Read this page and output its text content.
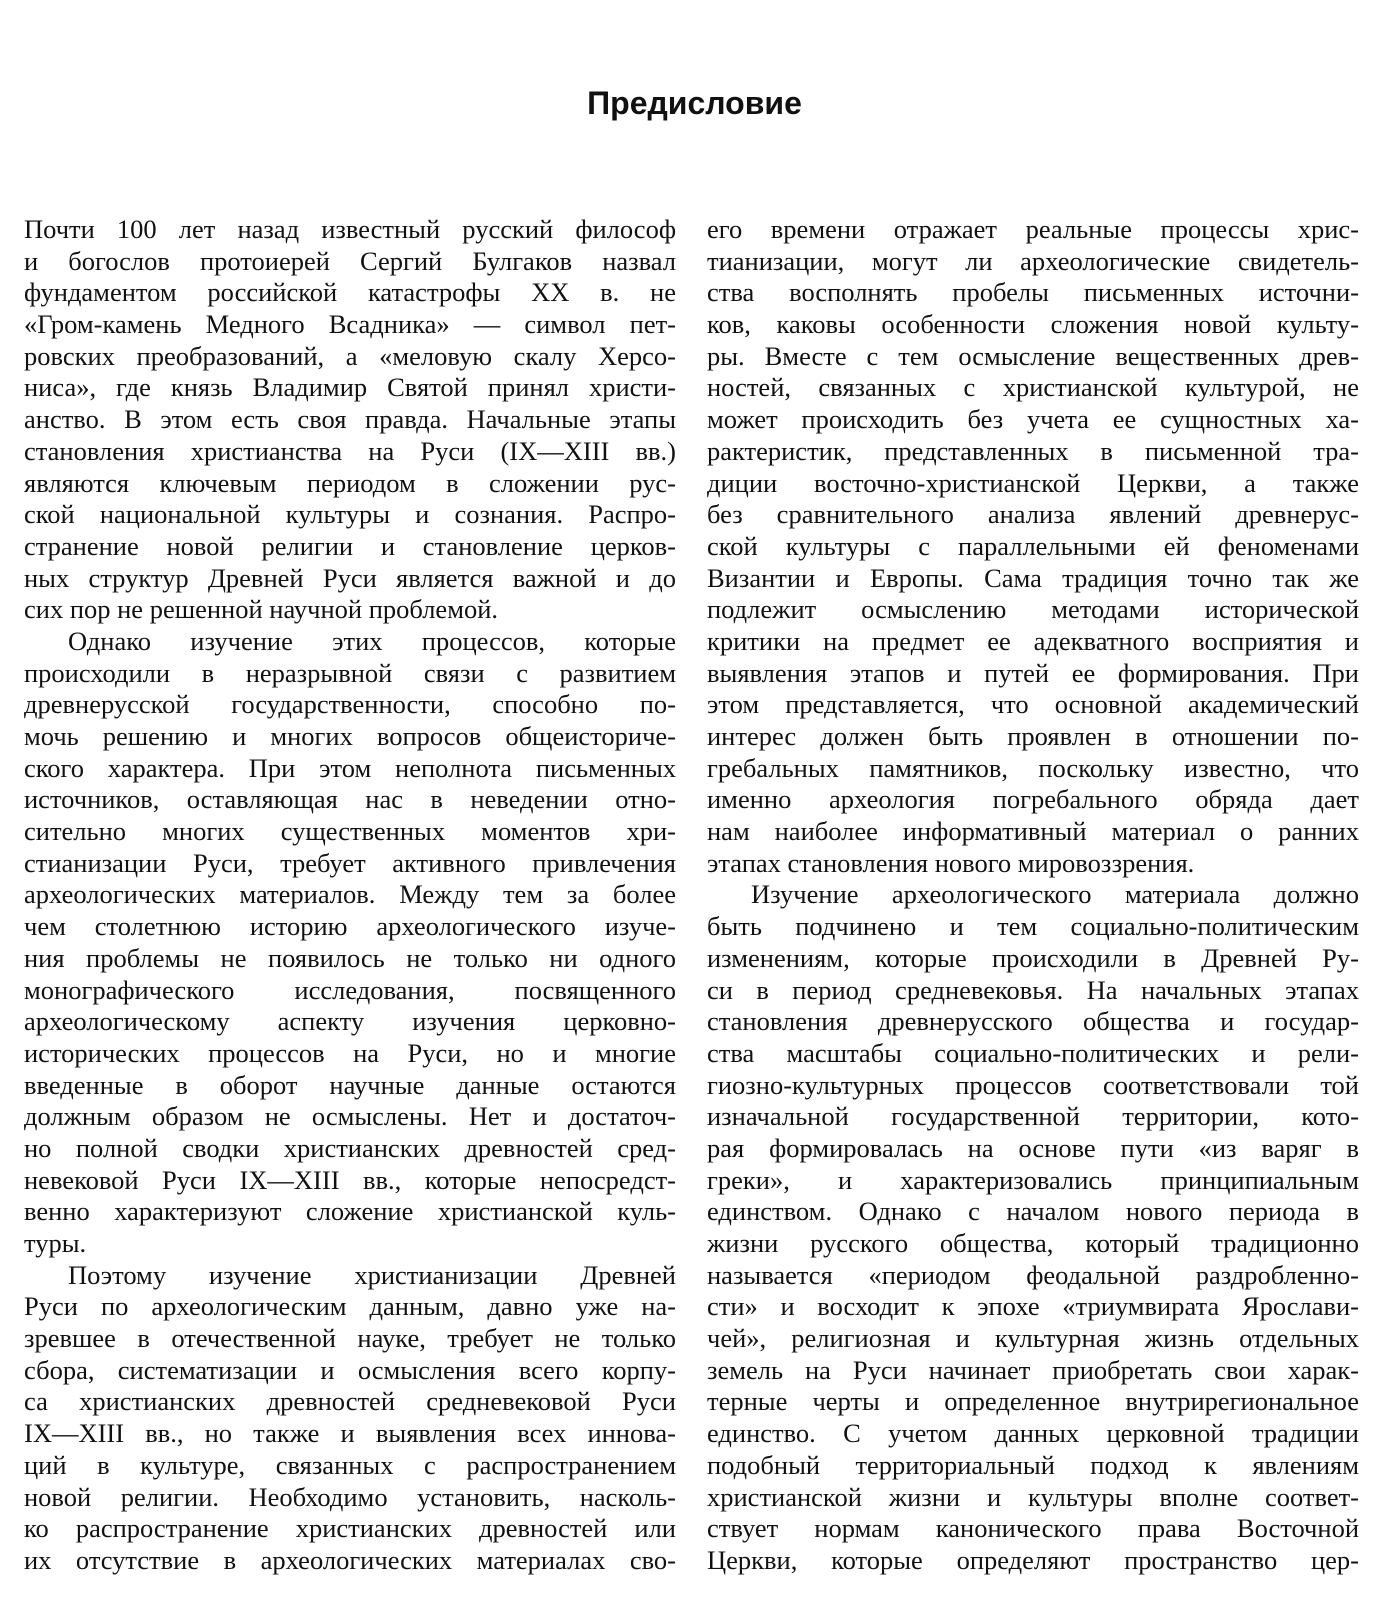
Предисловие
Почти 100 лет назад известный русский философ
и богослов протоиерей Сергий Булгаков назвал
фундаментом российской катастрофы XX в. не
«Гром-камень Медного Всадника» — символ пет-
ровских преобразований, а «меловую скалу Херсо-
ниса», где князь Владимир Святой принял христи-
анство. В этом есть своя правда. Начальные этапы
становления христианства на Руси (IX—XIII вв.)
являются ключевым периодом в сложении рус-
ской национальной культуры и сознания. Распро-
странение новой религии и становление церков-
ных структур Древней Руси является важной и до
сих пор не решенной научной проблемой.
Однако изучение этих процессов, которые
происходили в неразрывной связи с развитием
древнерусской государственности, способно по-
мочь решению и многих вопросов общеисториче-
ского характера. При этом неполнота письменных
источников, оставляющая нас в неведении отно-
сительно многих существенных моментов хри-
стианизации Руси, требует активного привлечения
археологических материалов. Между тем за более
чем столетнюю историю археологического изуче-
ния проблемы не появилось не только ни одного
монографического исследования, посвященного
археологическому аспекту изучения церковно-
исторических процессов на Руси, но и многие
введенные в оборот научные данные остаются
должным образом не осмыслены. Нет и достаточ-
но полной сводки христианских древностей сред-
невековой Руси IX—XIII вв., которые непосредст-
венно характеризуют сложение христианской куль-
туры.
Поэтому изучение христианизации Древней
Руси по археологическим данным, давно уже на-
зревшее в отечественной науке, требует не только
сбора, систематизации и осмысления всего корпу-
са христианских древностей средневековой Руси
IX—XIII вв., но также и выявления всех иннова-
ций в культуре, связанных с распространением
новой религии. Необходимо установить, насколь-
ко распространение христианских древностей или
их отсутствие в археологических материалах сво-
его времени отражает реальные процессы хрис-
тианизации, могут ли археологические свидетель-
ства восполнять пробелы письменных источни-
ков, каковы особенности сложения новой культу-
ры. Вместе с тем осмысление вещественных древ-
ностей, связанных с христианской культурой, не
может происходить без учета ее сущностных ха-
рактеристик, представленных в письменной тра-
диции восточно-христианской Церкви, а также
без сравнительного анализа явлений древнерус-
ской культуры с параллельными ей феноменами
Византии и Европы. Сама традиция точно так же
подлежит осмыслению методами исторической
критики на предмет ее адекватного восприятия и
выявления этапов и путей ее формирования. При
этом представляется, что основной академический
интерес должен быть проявлен в отношении по-
гребальных памятников, поскольку известно, что
именно археология погребального обряда дает
нам наиболее информативный материал о ранних
этапах становления нового мировоззрения.
Изучение археологического материала должно
быть подчинено и тем социально-политическим
изменениям, которые происходили в Древней Ру-
си в период средневековья. На начальных этапах
становления древнерусского общества и государ-
ства масштабы социально-политических и рели-
гиозно-культурных процессов соответствовали той
изначальной государственной территории, кото-
рая формировалась на основе пути «из варяг в
греки», и характеризовались принципиальным
единством. Однако с началом нового периода в
жизни русского общества, который традиционно
называется «периодом феодальной раздробленно-
сти» и восходит к эпохе «триумвирата Ярослави-
чей», религиозная и культурная жизнь отдельных
земель на Руси начинает приобретать свои харак-
терные черты и определенное внутрирегиональное
единство. С учетом данных церковной традиции
подобный территориальный подход к явлениям
христианской жизни и культуры вполне соответ-
ствует нормам канонического права Восточной
Церкви, которые определяют пространство цер-
